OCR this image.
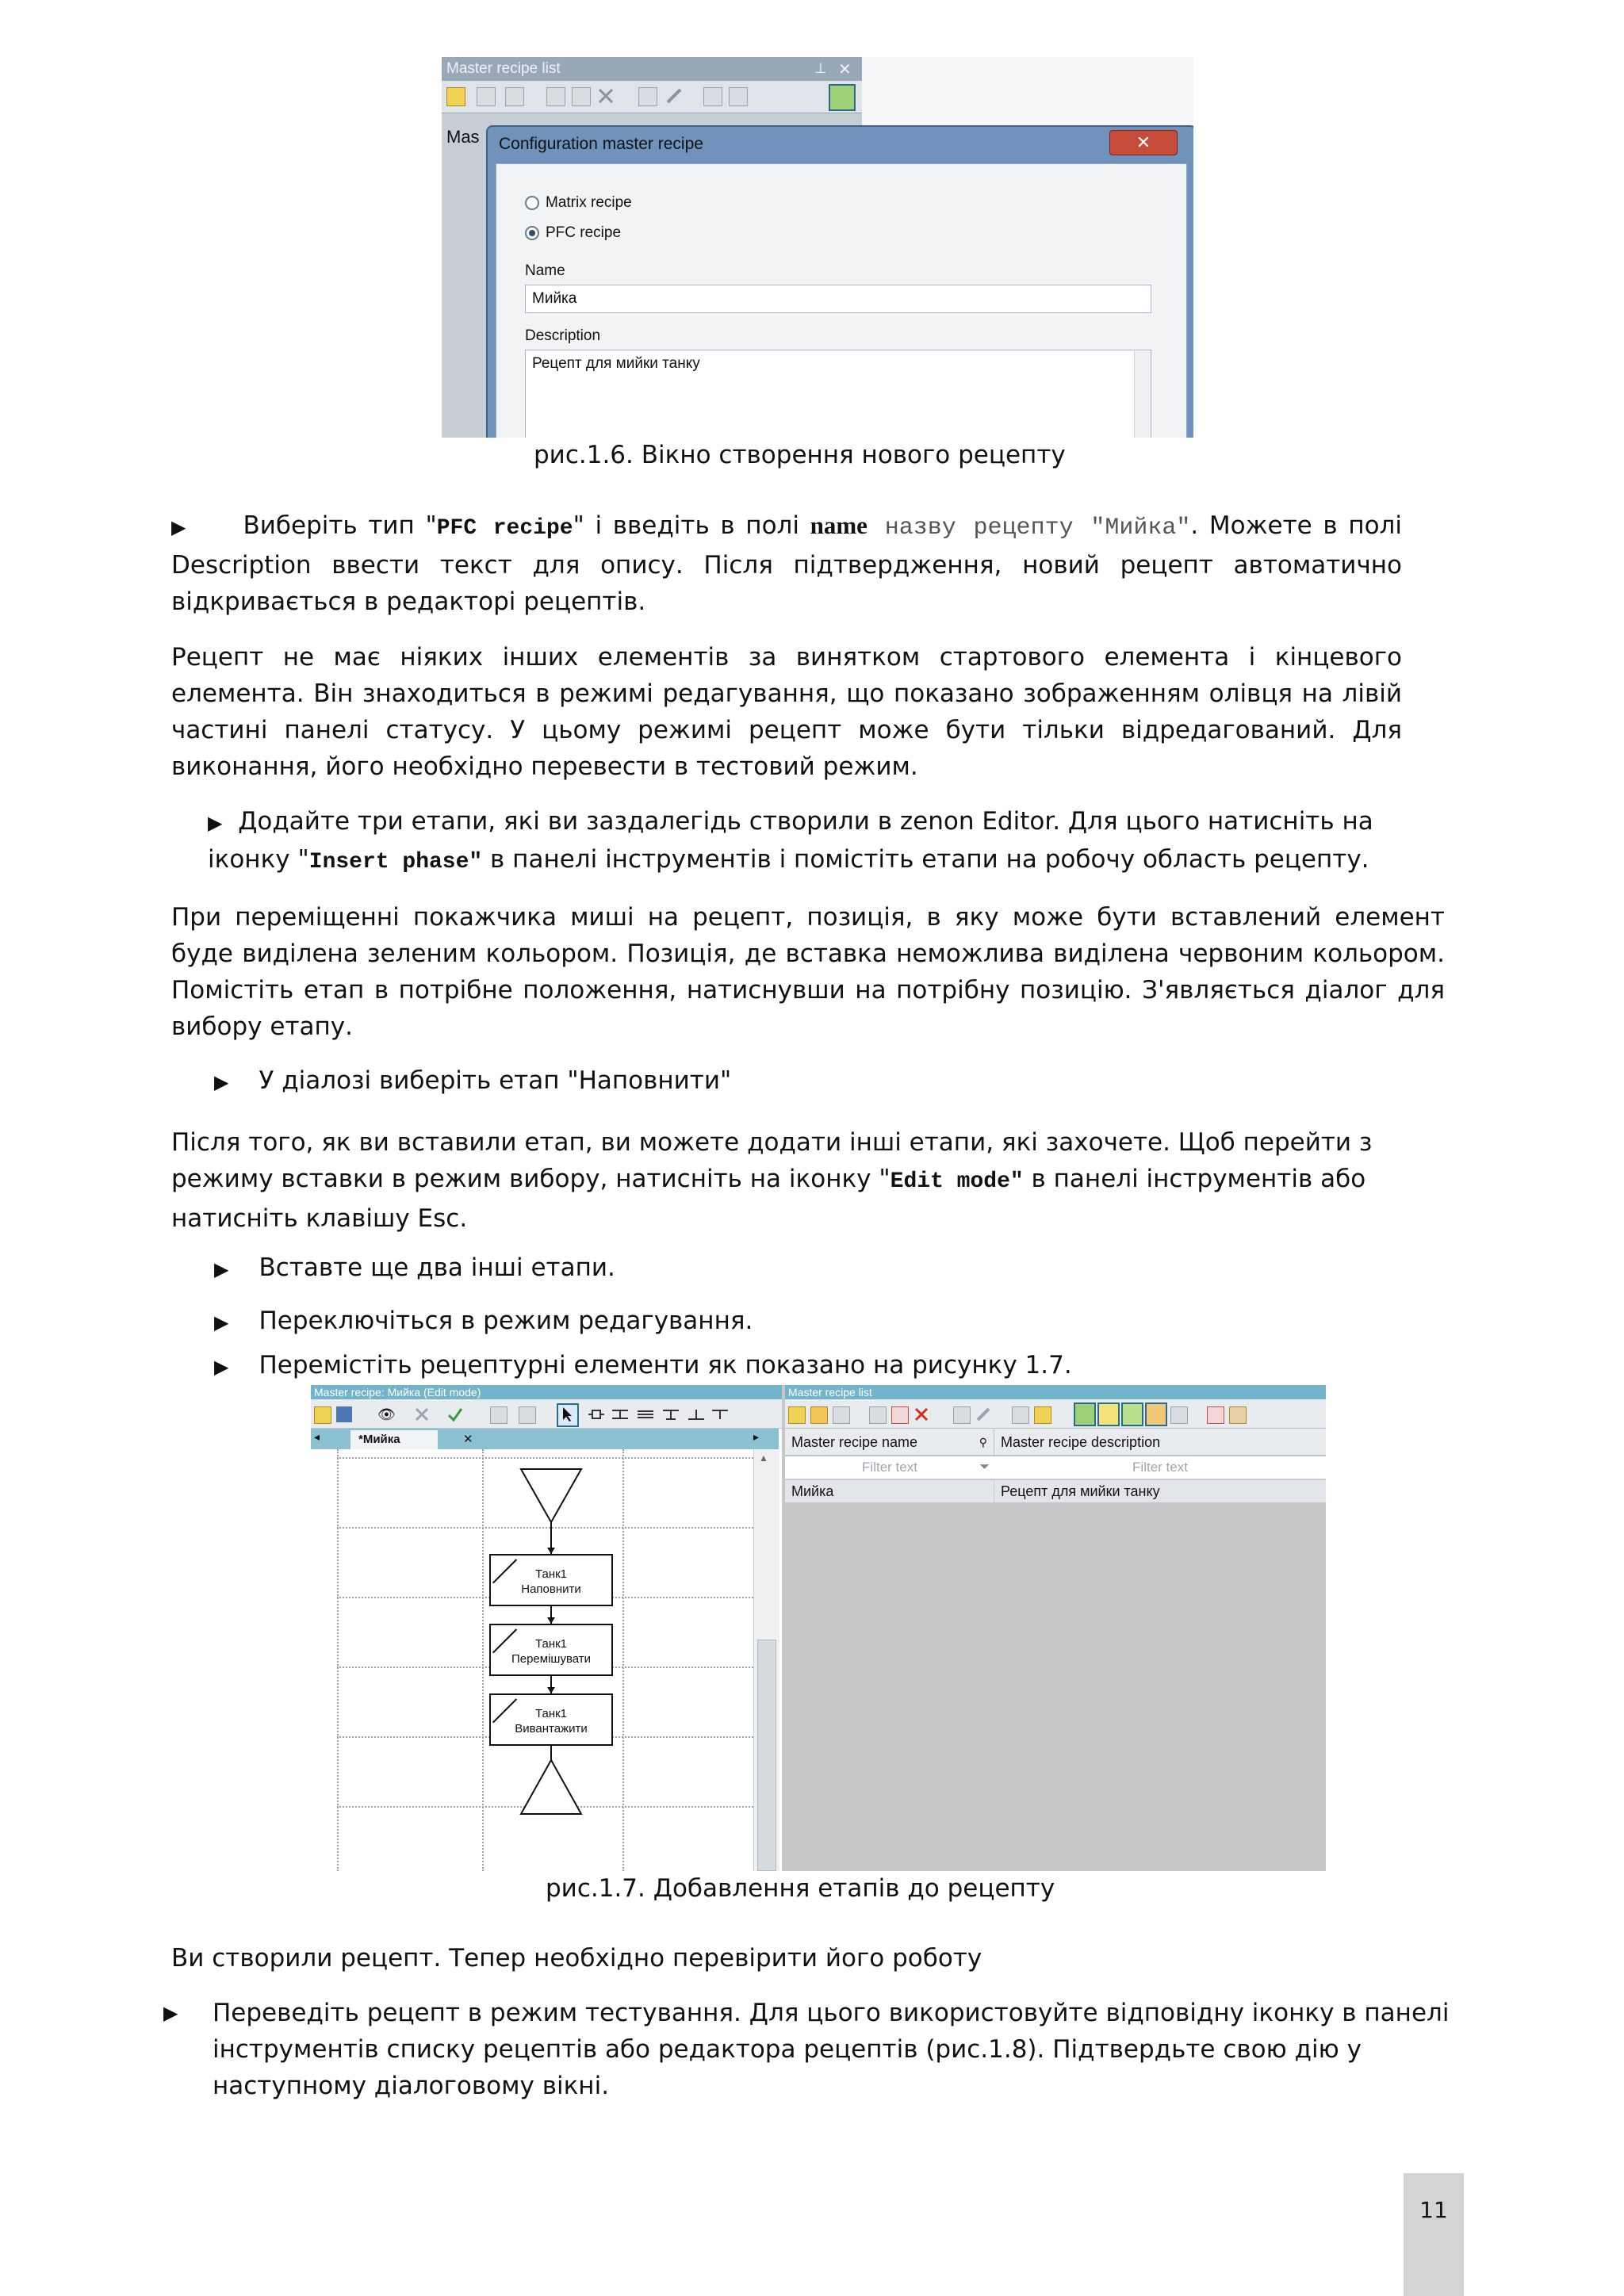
Master recipe list	⊥ ✕
Mas Configuration master recipe	✕
Matrix recipe
PFC recipe
Name
Мийка
Description
Рецепт для мийки танку
рис.1.6. Вікно створення нового рецепту
▶ Виберіть тип "PFC recipe" і введіть в полі name назву рецепту "Мийка". Можете в полі Description ввести текст для опису. Після підтвердження, новий рецепт автоматично відкривається в редакторі рецептів.
Рецепт не має ніяких інших елементів за винятком стартового елемента і кінцевого елемента. Він знаходиться в режимі редагування, що показано зображенням олівця на лівій частині панелі статусу. У цьому режимі рецепт може бути тільки відредагований. Для виконання, його необхідно перевести в тестовий режим.
▶ Додайте три етапи, які ви заздалегідь створили в zenon Editor. Для цього натисніть на іконку "Insert phase" в панелі інструментів і помістіть етапи на робочу область рецепту.
При переміщенні покажчика миші на рецепт, позиція, в яку може бути вставлений елемент буде виділена зеленим кольором. Позиція, де вставка неможлива виділена червоним кольором. Помістіть етап в потрібне положення, натиснувши на потрібну позицію. З'являється діалог для вибору етапу.
▶ У діалозі виберіть етап "Наповнити"
Після того, як ви вставили етап, ви можете додати інші етапи, які захочете. Щоб перейти з режиму вставки в режим вибору, натисніть на іконку "Edit mode" в панелі інструментів або натисніть клавішу Esc.
▶ Вставте ще два інші етапи.
▶ Переключіться в режим редагування.
▶ Перемістіть рецептурні елементи як показано на рисунку 1.7.
Master recipe: Мийка (Edit mode)
👁
◂	*Мийка	✕	▸
Танк1
Наповнити
Танк1
Перемішувати
Танк1
Вивантажити
▲
Master recipe list
Master recipe name	⚲ Master recipe description
Filter text	⏷	Filter text
Мийка	Рецепт для мийки танку
рис.1.7. Добавлення етапів до рецепту
Ви створили рецепт. Тепер необхідно перевірити його роботу
▶ Переведіть рецепт в режим тестування. Для цього використовуйте відповідну іконку в панелі інструментів списку рецептів або редактора рецептів (рис.1.8). Підтвердьте свою дію у наступному діалоговому вікні.
11
